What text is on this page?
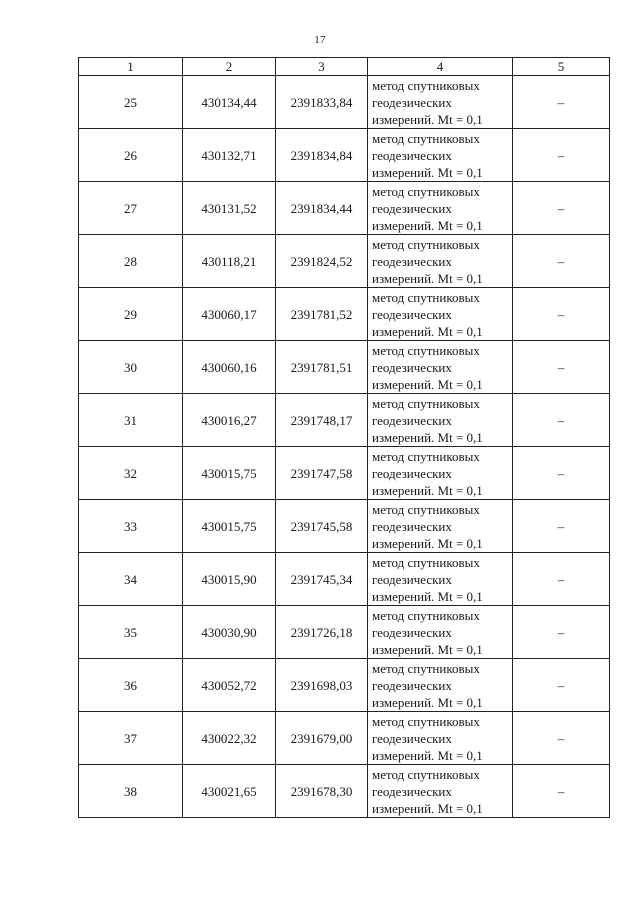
17
1	2	3	4	5
25	430134,44	2391833,84	метод спутниковых
геодезических
измерений. Mt = 0,1	–
26	430132,71	2391834,84	метод спутниковых
геодезических
измерений. Mt = 0,1	–
27	430131,52	2391834,44	метод спутниковых
геодезических
измерений. Mt = 0,1	–
28	430118,21	2391824,52	метод спутниковых
геодезических
измерений. Mt = 0,1	–
29	430060,17	2391781,52	метод спутниковых
геодезических
измерений. Mt = 0,1	–
30	430060,16	2391781,51	метод спутниковых
геодезических
измерений. Mt = 0,1	–
31	430016,27	2391748,17	метод спутниковых
геодезических
измерений. Mt = 0,1	–
32	430015,75	2391747,58	метод спутниковых
геодезических
измерений. Mt = 0,1	–
33	430015,75	2391745,58	метод спутниковых
геодезических
измерений. Mt = 0,1	–
34	430015,90	2391745,34	метод спутниковых
геодезических
измерений. Mt = 0,1	–
35	430030,90	2391726,18	метод спутниковых
геодезических
измерений. Mt = 0,1	–
36	430052,72	2391698,03	метод спутниковых
геодезических
измерений. Mt = 0,1	–
37	430022,32	2391679,00	метод спутниковых
геодезических
измерений. Mt = 0,1	–
38	430021,65	2391678,30	метод спутниковых
геодезических
измерений. Mt = 0,1	–
